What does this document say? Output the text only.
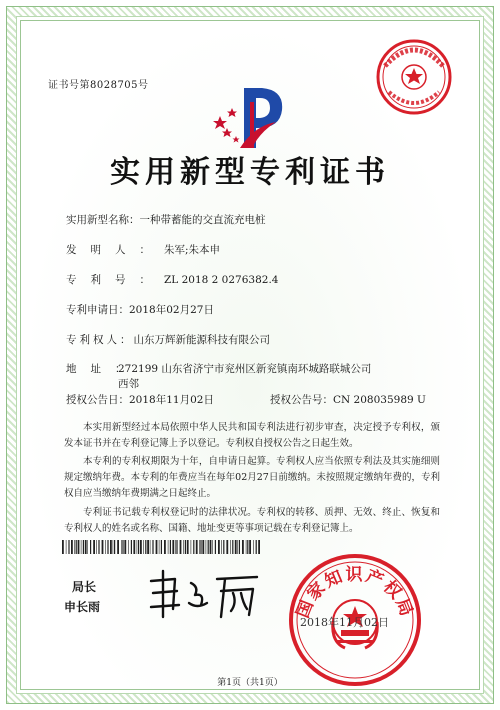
证书号第8028705号
实用新型专利证书
实用新型名称：一种带蓄能的交直流充电桩
发明人：朱军;朱本申
专利号：ZL 2018 2 0276382.4
专利申请日：2018年02月27日
专利权人：山东万辉新能源科技有限公司
地址：
272199 山东省济宁市兖州区新兖镇南环城路联城公司西邻
授权公告日：2018年11月02日	授权公告号：CN 208035989 U
本实用新型经过本局依照中华人民共和国专利法进行初步审查，决定授予专利权，颁发本证书并在专利登记簿上予以登记。专利权自授权公告之日起生效。
本专利的专利权期限为十年，自申请日起算。专利权人应当依照专利法及其实施细则规定缴纳年费。本专利的年费应当在每年02月27日前缴纳。未按照规定缴纳年费的，专利权自应当缴纳年费期满之日起终止。
专利证书记载专利权登记时的法律状况。专利权的转移、质押、无效、终止、恢复和专利权人的姓名或名称、国籍、地址变更等事项记载在专利登记簿上。
局长
申长雨	国家知识产权局
2018年11月02日
第1页（共1页）
